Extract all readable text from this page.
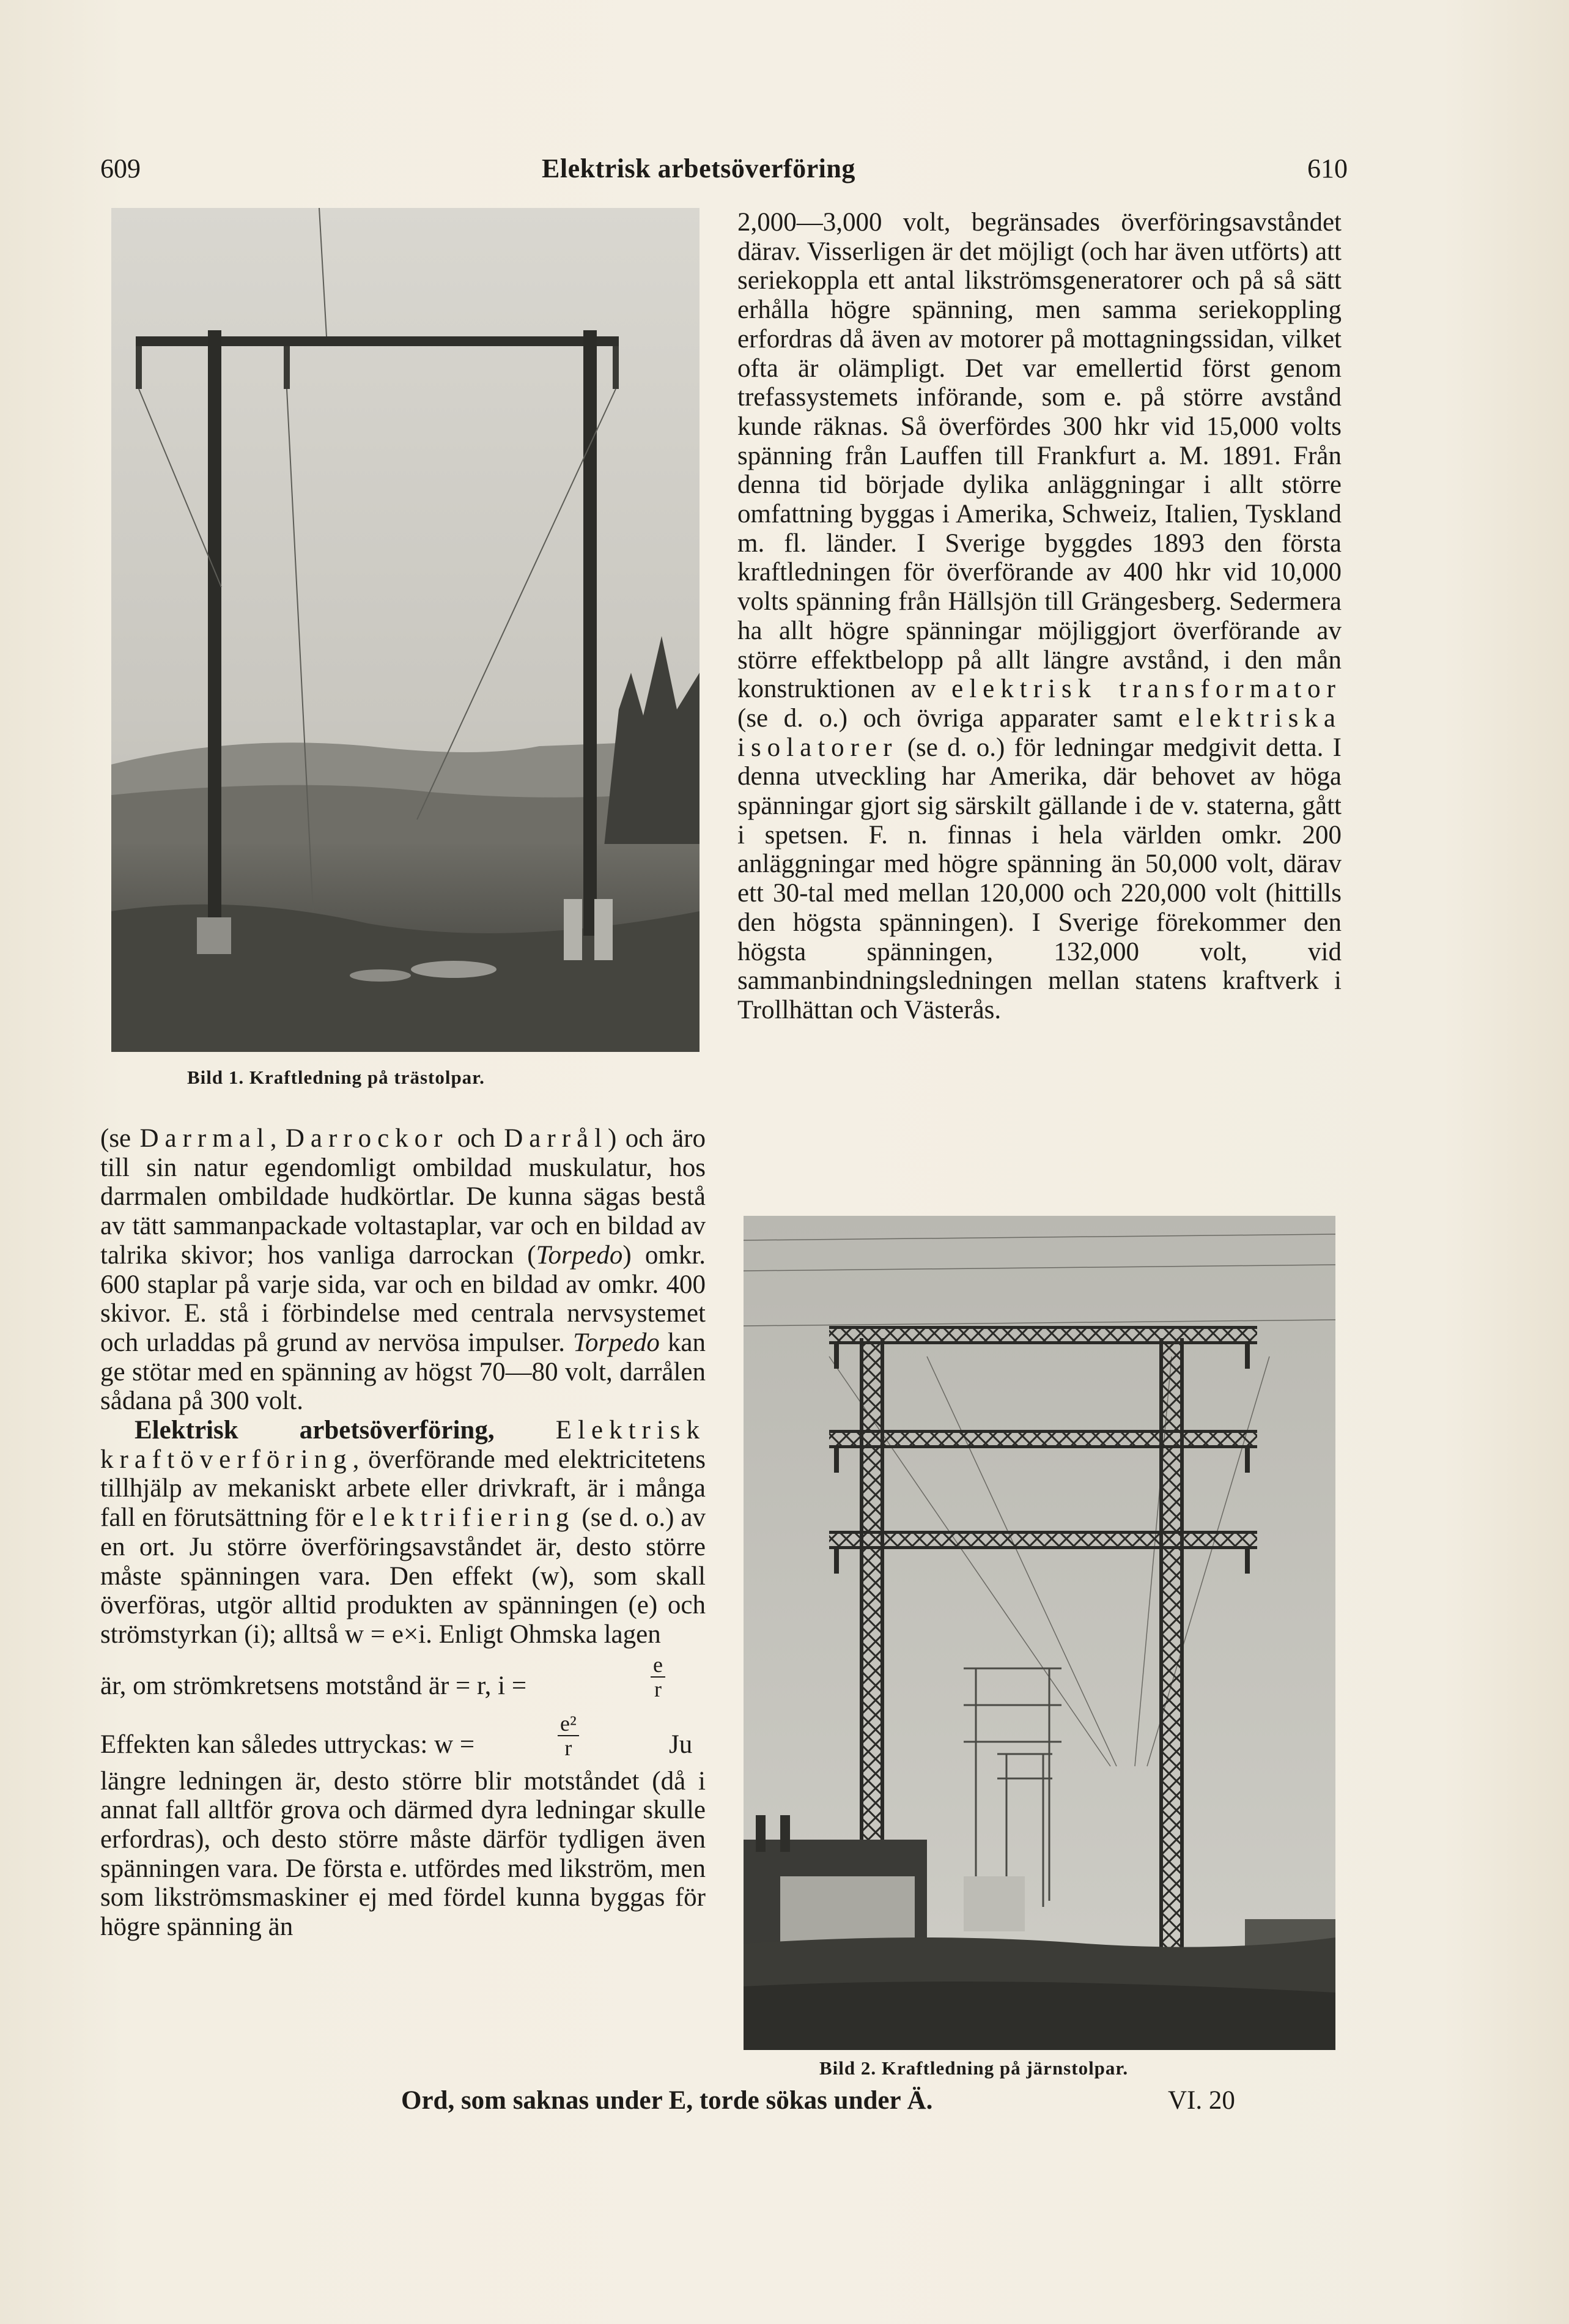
609	Elektrisk arbetsöverföring	610
Bild 1. Kraftledning på trästolpar.
Bild 2. Kraftledning på järnstolpar.

(se Darrmal, Darrockor och Darrål) och äro till sin natur egendomligt ombildad muskulatur, hos darrmalen ombildade hudkörtlar. De kunna sägas bestå av tätt sammanpackade voltastaplar, var och en bildad av talrika skivor; hos vanliga darrockan (Torpedo) omkr. 600 staplar på varje sida, var och en bildad av omkr. 400 skivor. E. stå i förbindelse med centrala nervsystemet och urladdas på grund av nervösa impulser. Torpedo kan ge stötar med en spänning av högst 70—80 volt, darrålen sådana på 300 volt.

Elektrisk arbetsöverföring, Elektrisk kraftöverföring, överförande med elektricitetens tillhjälp av mekaniskt arbete eller drivkraft, är i många fall en förutsättning för elektrifiering (se d. o.) av en ort. Ju större överföringsavståndet är, desto större måste spänningen vara. Den effekt (w), som skall överföras, utgör alltid produkten av spänningen (e) och strömstyrkan (i); alltså w = e×i. Enligt Ohmska lagen

är, om strömkretsens motstånd är = r, i =	$\frac{e}{r}$
Effekten kan således uttryckas: w =	$\frac{\text{e²}}{r}$	Ju

längre ledningen är, desto större blir motståndet (då i annat fall alltför grova och därmed dyra ledningar skulle erfordras), och desto större måste därför tydligen även spänningen vara. De första e. utfördes med likström, men som likströmsmaskiner ej med fördel kunna byggas för högre spänning än

2,000—3,000 volt, begränsades överföringsavståndet därav. Visserligen är det möjligt (och har även utförts) att seriekoppla ett antal likströmsgeneratorer och på så sätt erhålla högre spänning, men samma seriekoppling erfordras då även av motorer på mottagningssidan, vilket ofta är olämpligt. Det var emellertid först genom trefassystemets införande, som e. på större avstånd kunde räknas. Så överfördes 300 hkr vid 15,000 volts spänning från Lauffen till Frankfurt a. M. 1891. Från denna tid började dylika anläggningar i allt större omfattning byggas i Amerika, Schweiz, Italien, Tyskland m. fl. länder. I Sverige byggdes 1893 den första kraftledningen för överförande av 400 hkr vid 10,000 volts spänning från Hällsjön till Grängesberg. Sedermera ha allt högre spänningar möjliggjort överförande av större effektbelopp på allt längre avstånd, i den mån konstruktionen av elektrisk transformator (se d. o.) och övriga apparater samt elektriska isolatorer (se d. o.) för ledningar medgivit detta. I denna utveckling har Amerika, där behovet av höga spänningar gjort sig särskilt gällande i de v. staterna, gått i spetsen. F. n. finnas i hela världen omkr. 200 anläggningar med högre spänning än 50,000 volt, därav ett 30-tal med mellan 120,000 och 220,000 volt (hittills den högsta spänningen). I Sverige förekommer den högsta spänningen, 132,000 volt, vid sammanbindningsledningen mellan statens kraftverk i Trollhättan och Västerås.

Ord, som saknas under E, torde sökas under Ä.	VI. 20
